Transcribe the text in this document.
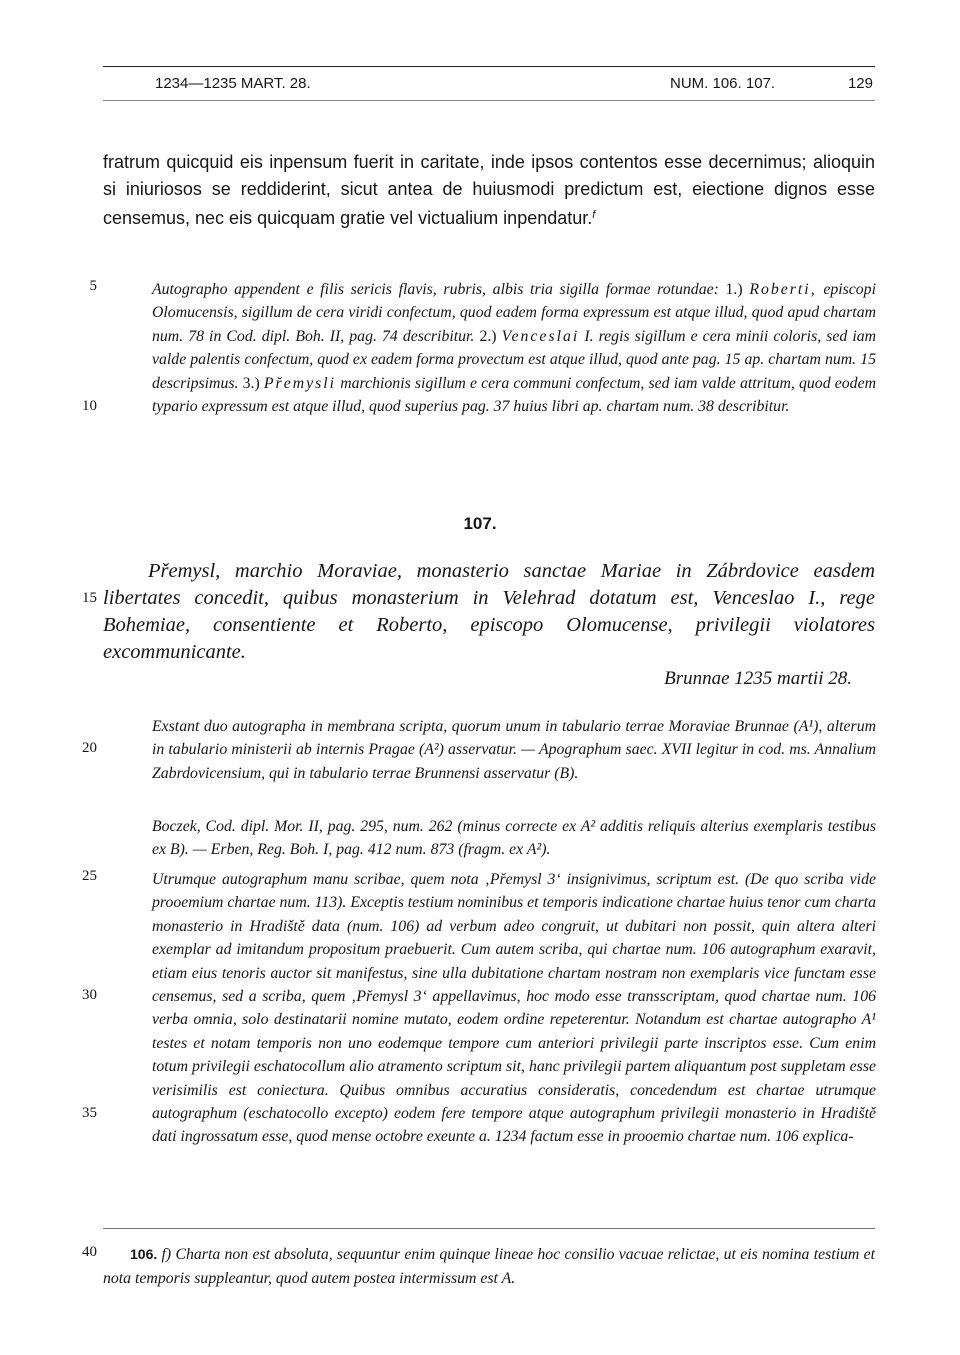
1234—1235 MART. 28.	NUM. 106. 107.	129

fratrum quicquid eis inpensum fuerit in caritate, inde ipsos contentos esse decernimus; alioquin si iniuriosos se reddiderint, sicut antea de huiusmodi predictum est, eiectione dignos esse censemus, nec eis quicquam gratie vel victualium inpendatur.$^f$

5
10
15
20
25
30
35
40

Autographo appendent e filis sericis flavis, rubris, albis tria sigilla formae rotundae: 1.) Roberti, episcopi Olomucensis, sigillum de cera viridi confectum, quod eadem forma expressum est atque illud, quod apud chartam num. 78 in Cod. dipl. Boh. II, pag. 74 describitur. 2.) Venceslai I. regis sigillum e cera minii coloris, sed iam valde palentis confectum, quod ex eadem forma provectum est atque illud, quod ante pag. 15 ap. chartam num. 15 descripsimus. 3.) Přemysli marchionis sigillum e cera communi confectum, sed iam valde attritum, quod eodem typario expressum est atque illud, quod superius pag. 37 huius libri ap. chartam num. 38 describitur.

107.

Přemysl, marchio Moraviae, monasterio sanctae Mariae in Zábrdovice easdem libertates concedit, quibus monasterium in Velehrad dotatum est, Venceslao I., rege Bohemiae, consentiente et Roberto, episcopo Olomucense, privilegii violatores excommunicante.

Brunnae 1235 martii 28.

Exstant duo autographa in membrana scripta, quorum unum in tabulario terrae Moraviae Brunnae (A¹), alterum in tabulario ministerii ab internis Pragae (A²) asservatur. — Apographum saec. XVII legitur in cod. ms. Annalium Zabrdovicensium, qui in tabulario terrae Brunnensi asservatur (B).

Boczek, Cod. dipl. Mor. II, pag. 295, num. 262 (minus correcte ex A² additis reliquis alterius exemplaris testibus ex B). — Erben, Reg. Boh. I, pag. 412 num. 873 (fragm. ex A²).

Utrumque autographum manu scribae, quem nota ‚Přemysl 3‘ insignivimus, scriptum est. (De quo scriba vide prooemium chartae num. 113). Exceptis testium nominibus et temporis indicatione chartae huius tenor cum charta monasterio in Hradiště data (num. 106) ad verbum adeo congruit, ut dubitari non possit, quin altera alteri exemplar ad imitandum propositum praebuerit. Cum autem scriba, qui chartae num. 106 autographum exaravit, etiam eius tenoris auctor sit manifestus, sine ulla dubitatione chartam nostram non exemplaris vice functam esse censemus, sed a scriba, quem ‚Přemysl 3‘ appellavimus, hoc modo esse transscriptam, quod chartae num. 106 verba omnia, solo destinatarii nomine mutato, eodem ordine repeterentur. Notandum est chartae autographo A¹ testes et notam temporis non uno eodemque tempore cum anteriori privilegii parte inscriptos esse. Cum enim totum privilegii eschatocollum alio atramento scriptum sit, hanc privilegii partem aliquantum post suppletam esse verisimilis est coniectura. Quibus omnibus accuratius consideratis, concedendum est chartae utrumque autographum (eschatocollo excepto) eodem fere tempore atque autographum privilegii monasterio in Hradiště dati ingrossatum esse, quod mense octobre exeunte a. 1234 factum esse in prooemio chartae num. 106 explica-

106. f) Charta non est absoluta, sequuntur enim quinque lineae hoc consilio vacuae relictae, ut eis nomina testium et nota temporis suppleantur, quod autem postea intermissum est A.
